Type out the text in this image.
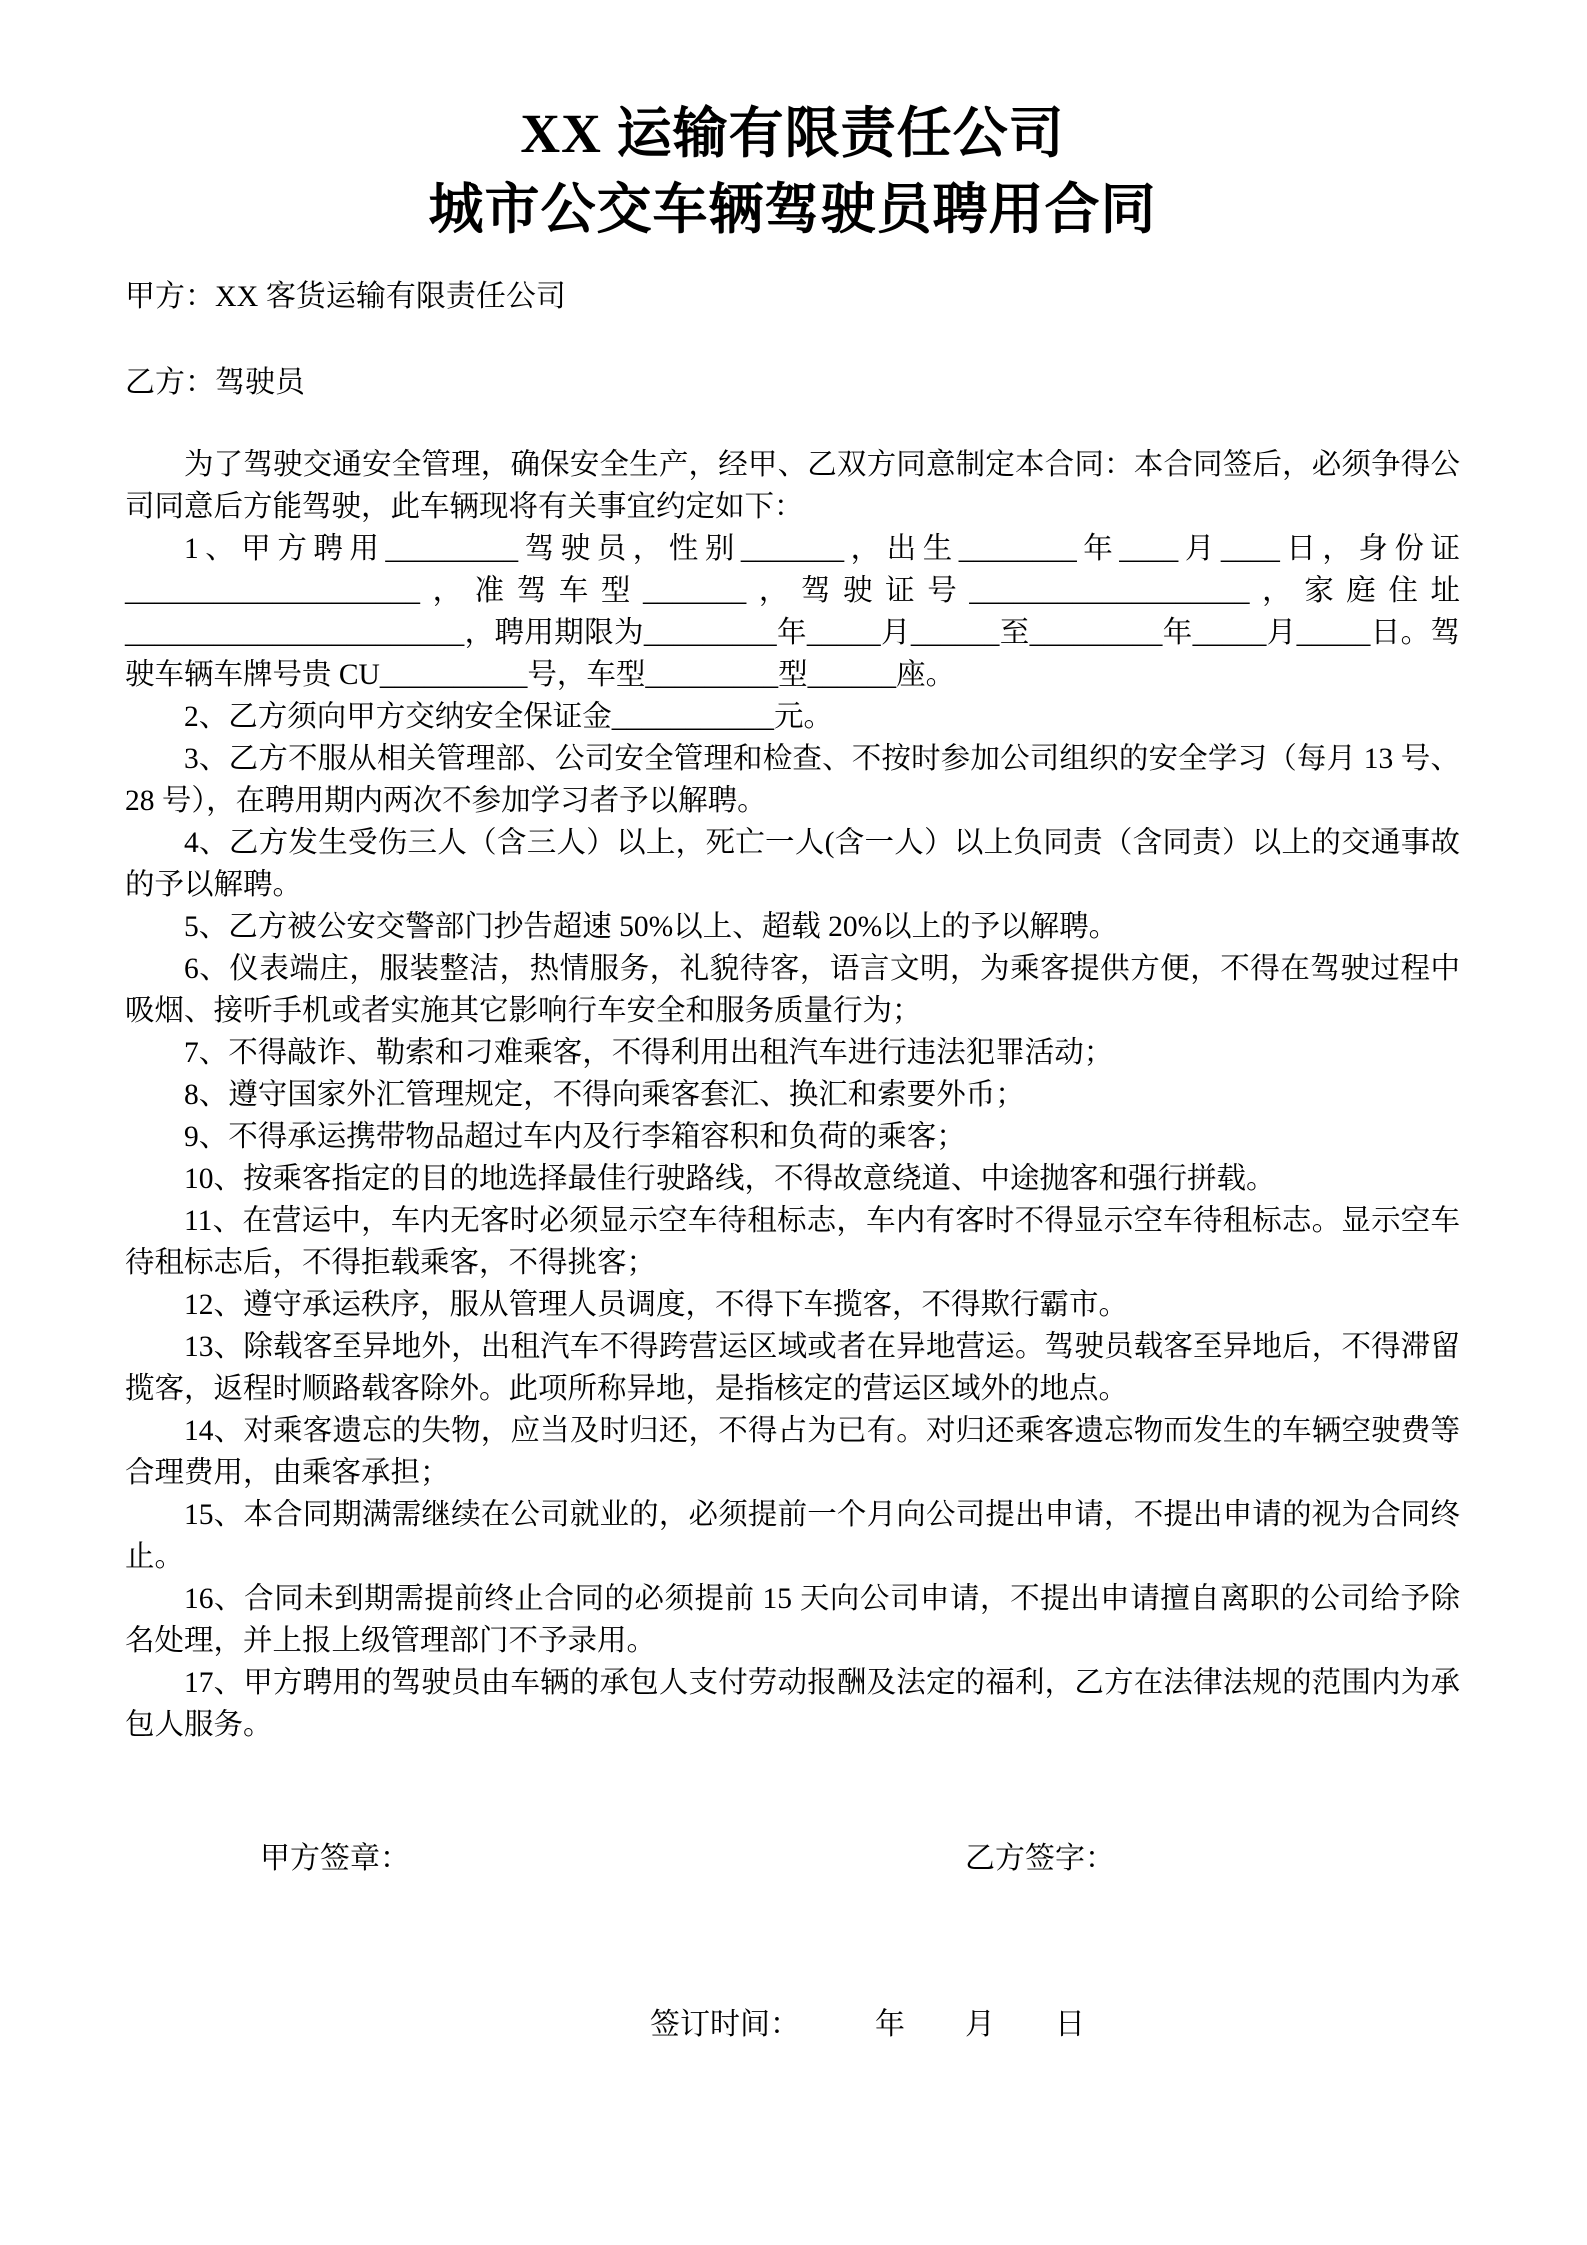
XX 运输有限责任公司
城市公交车辆驾驶员聘用合同

甲方：XX 客货运输有限责任公司

乙方：驾驶员

为了驾驶交通安全管理，确保安全生产，经甲、乙双方同意制定本合同：本合同签后，必须争得公司同意后方能驾驶，此车辆现将有关事宜约定如下：

1、甲方聘用_________驾驶员，性别_______，出生________年____月____日，身份证____________________，准驾车型_______，驾驶证号___________________，家庭住址 _______________________，聘用期限为_________年_____月______至_________年_____月_____日。驾驶车辆车牌号贵 CU__________号，车型_________型______座。

2、乙方须向甲方交纳安全保证金___________元。

3、乙方不服从相关管理部、公司安全管理和检查、不按时参加公司组织的安全学习（每月 13 号、28 号），在聘用期内两次不参加学习者予以解聘。

4、乙方发生受伤三人（含三人）以上，死亡一人(含一人）以上负同责（含同责）以上的交通事故的予以解聘。

5、乙方被公安交警部门抄告超速 50%以上、超载 20%以上的予以解聘。

6、仪表端庄，服装整洁，热情服务，礼貌待客，语言文明，为乘客提供方便，不得在驾驶过程中吸烟、接听手机或者实施其它影响行车安全和服务质量行为；

7、不得敲诈、勒索和刁难乘客，不得利用出租汽车进行违法犯罪活动；

8、遵守国家外汇管理规定，不得向乘客套汇、换汇和索要外币；

9、不得承运携带物品超过车内及行李箱容积和负荷的乘客；

10、按乘客指定的目的地选择最佳行驶路线，不得故意绕道、中途抛客和强行拼载。

11、在营运中，车内无客时必须显示空车待租标志，车内有客时不得显示空车待租标志。显示空车待租标志后，不得拒载乘客，不得挑客；

12、遵守承运秩序，服从管理人员调度，不得下车揽客，不得欺行霸市。

13、除载客至异地外，出租汽车不得跨营运区域或者在异地营运。驾驶员载客至异地后，不得滞留揽客，返程时顺路载客除外。此项所称异地，是指核定的营运区域外的地点。

14、对乘客遗忘的失物，应当及时归还，不得占为已有。对归还乘客遗忘物而发生的车辆空驶费等合理费用，由乘客承担；

15、本合同期满需继续在公司就业的，必须提前一个月向公司提出申请，不提出申请的视为合同终止。

16、合同未到期需提前终止合同的必须提前 15 天向公司申请，不提出申请擅自离职的公司给予除名处理，并上报上级管理部门不予录用。

17、甲方聘用的驾驶员由车辆的承包人支付劳动报酬及法定的福利，乙方在法律法规的范围内为承包人服务。

甲方签章：	乙方签字：

签订时间：　　　年　　月　　日
